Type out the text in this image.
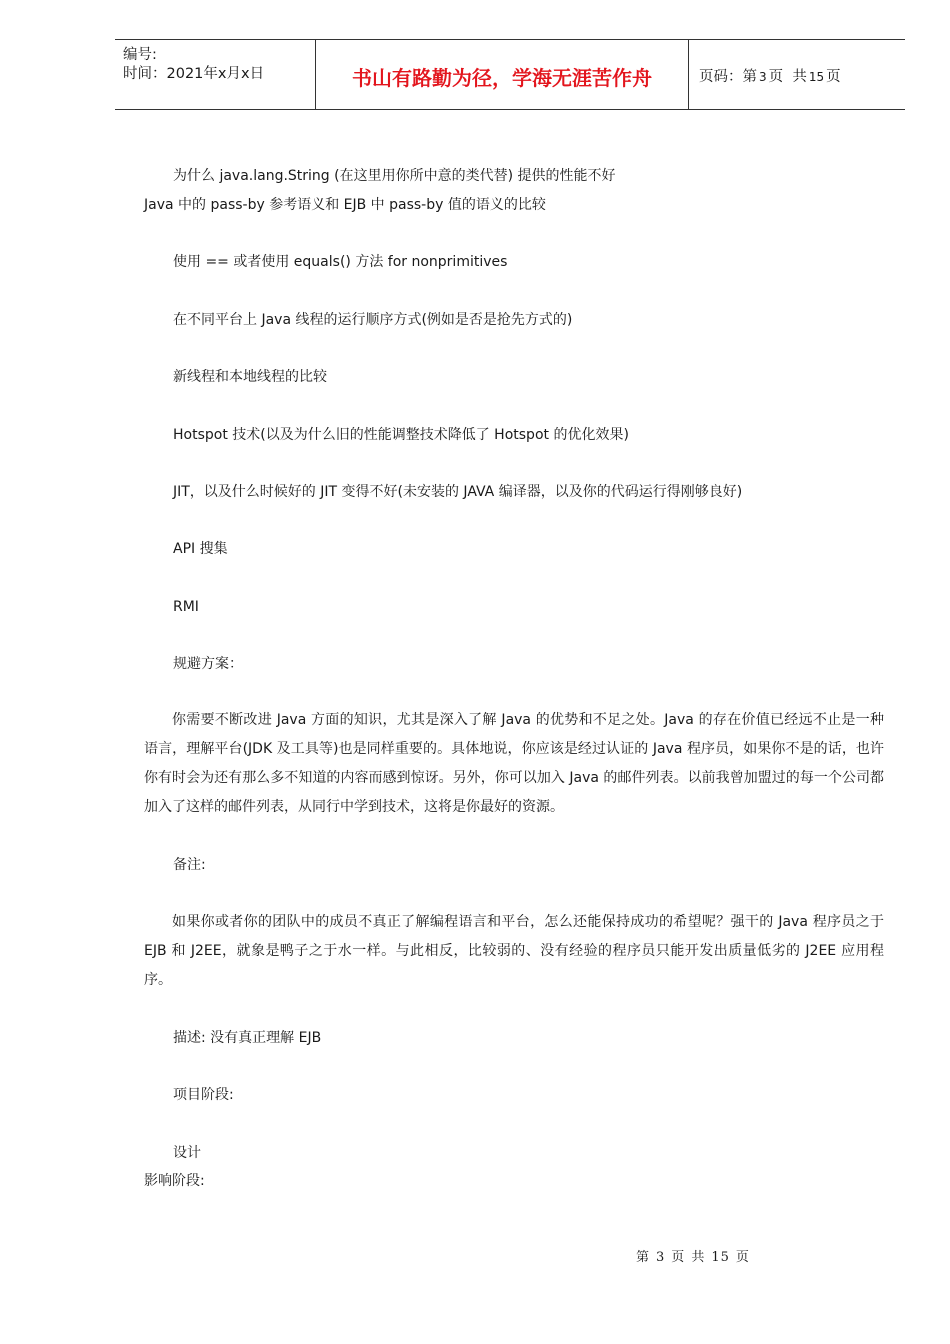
编号:
时间：2021年x月x日	书山有路勤为径，学海无涯苦作舟	页码：第 3 页  共 15 页
为什么 java.lang.String (在这里用你所中意的类代替) 提供的性能不好
Java 中的 pass-by 参考语义和 EJB 中 pass-by 值的语义的比较
使用 == 或者使用 equals() 方法 for nonprimitives
在不同平台上 Java 线程的运行顺序方式(例如是否是抢先方式的)
新线程和本地线程的比较
Hotspot 技术(以及为什么旧的性能调整技术降低了 Hotspot 的优化效果)
JIT，以及什么时候好的 JIT 变得不好(未安装的 JAVA 编译器，以及你的代码运行得刚够良好)
API 搜集
RMI
规避方案：
你需要不断改进 Java 方面的知识，尤其是深入了解 Java 的优势和不足之处。Java 的存在价值已经远不止是一种语言，理解平台(JDK 及工具等)也是同样重要的。具体地说，你应该是经过认证的 Java 程序员，如果你不是的话，也许你有时会为还有那么多不知道的内容而感到惊讶。另外，你可以加入 Java 的邮件列表。以前我曾加盟过的每一个公司都加入了这样的邮件列表，从同行中学到技术，这将是你最好的资源。
备注:
如果你或者你的团队中的成员不真正了解编程语言和平台，怎么还能保持成功的希望呢？强干的 Java 程序员之于 EJB 和 J2EE，就象是鸭子之于水一样。与此相反，比较弱的、没有经验的程序员只能开发出质量低劣的 J2EE 应用程序。
描述: 没有真正理解 EJB
项目阶段:
设计
影响阶段:
第 3 页 共 15 页
